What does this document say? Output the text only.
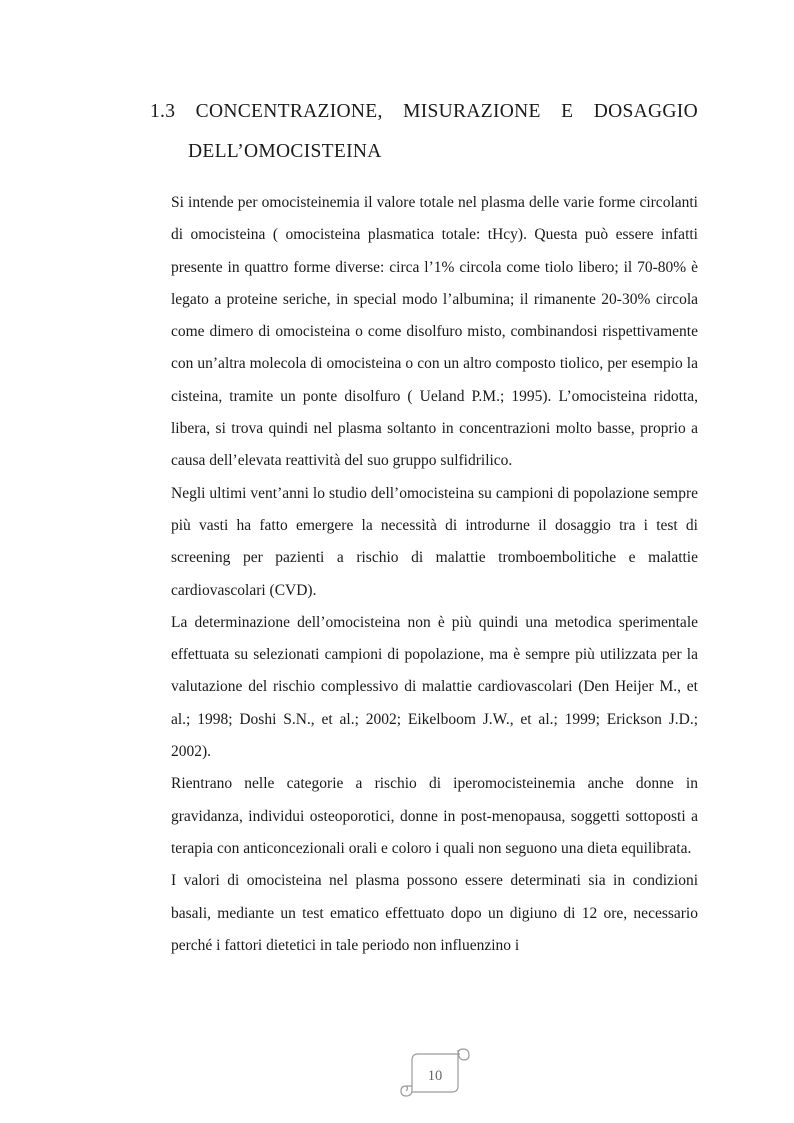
1.3 CONCENTRAZIONE, MISURAZIONE E DOSAGGIO
DELL’OMOCISTEINA

Si intende per omocisteinemia il valore totale nel plasma delle varie forme circolanti di omocisteina ( omocisteina plasmatica totale: tHcy). Questa può essere infatti presente in quattro forme diverse: circa l’1% circola come tiolo libero; il 70-80% è legato a proteine seriche, in special modo l’albumina; il rimanente 20-30% circola come dimero di omocisteina o come disolfuro misto, combinandosi rispettivamente con un’altra molecola di omocisteina o con un altro composto tiolico, per esempio la cisteina, tramite un ponte disolfuro ( Ueland P.M.; 1995). L’omocisteina ridotta, libera, si trova quindi nel plasma soltanto in concentrazioni molto basse, proprio a causa dell’elevata reattività del suo gruppo sulfidrilico.

Negli ultimi vent’anni lo studio dell’omocisteina su campioni di popolazione sempre più vasti ha fatto emergere la necessità di introdurne il dosaggio tra i test di screening per pazienti a rischio di malattie tromboembolitiche e malattie cardiovascolari (CVD).

La determinazione dell’omocisteina non è più quindi una metodica sperimentale effettuata su selezionati campioni di popolazione, ma è sempre più utilizzata per la valutazione del rischio complessivo di malattie cardiovascolari (Den Heijer M., et al.; 1998; Doshi S.N., et al.; 2002; Eikelboom J.W., et al.; 1999; Erickson J.D.; 2002).

Rientrano nelle categorie a rischio di iperomocisteinemia anche donne in gravidanza, individui osteoporotici, donne in post-menopausa, soggetti sottoposti a terapia con anticoncezionali orali e coloro i quali non seguono una dieta equilibrata.

I valori di omocisteina nel plasma possono essere determinati sia in condizioni basali, mediante un test ematico effettuato dopo un digiuno di 12 ore, necessario perché i fattori dietetici in tale periodo non influenzino i

10
